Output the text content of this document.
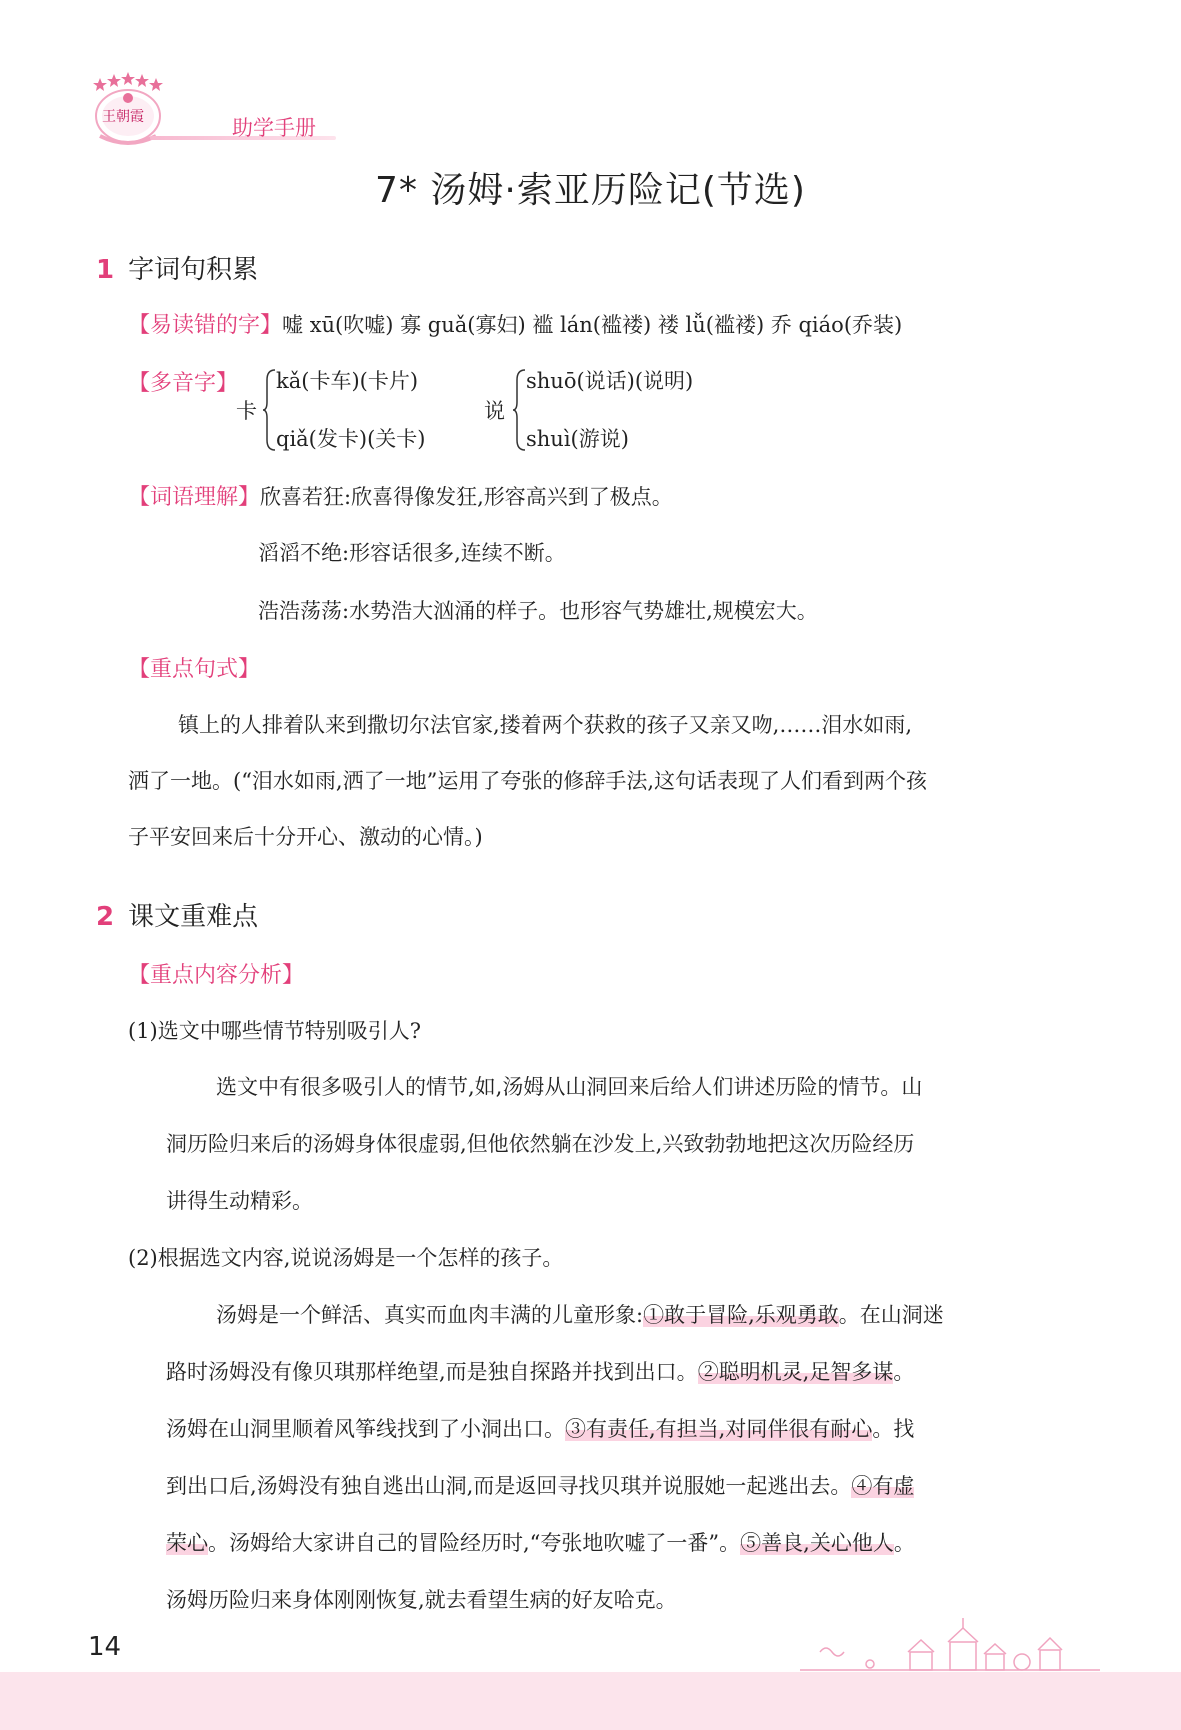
王朝霞	助学手册
7* 汤姆·索亚历险记(节选)
1 字词句积累
【易读错的字】嘘 xū(吹嘘) 寡 guǎ(寡妇) 褴 lán(褴褛) 褛 lǚ(褴褛) 乔 qiáo(乔装)
【多音字】
卡
kǎ(卡车)(卡片)
qiǎ(发卡)(关卡)
说
shuō(说话)(说明)
shuì(游说)
【词语理解】欣喜若狂:欣喜得像发狂,形容高兴到了极点。
滔滔不绝:形容话很多,连续不断。
浩浩荡荡:水势浩大汹涌的样子。也形容气势雄壮,规模宏大。
【重点句式】
镇上的人排着队来到撒切尔法官家,搂着两个获救的孩子又亲又吻,……泪水如雨,
洒了一地。(“泪水如雨,洒了一地”运用了夸张的修辞手法,这句话表现了人们看到两个孩
子平安回来后十分开心、激动的心情。)
2 课文重难点
【重点内容分析】
(1)选文中哪些情节特别吸引人?
选文中有很多吸引人的情节,如,汤姆从山洞回来后给人们讲述历险的情节。山
洞历险归来后的汤姆身体很虚弱,但他依然躺在沙发上,兴致勃勃地把这次历险经历
讲得生动精彩。
(2)根据选文内容,说说汤姆是一个怎样的孩子。
汤姆是一个鲜活、真实而血肉丰满的儿童形象:①敢于冒险,乐观勇敢。在山洞迷
路时汤姆没有像贝琪那样绝望,而是独自探路并找到出口。②聪明机灵,足智多谋。
汤姆在山洞里顺着风筝线找到了小洞出口。③有责任,有担当,对同伴很有耐心。找
到出口后,汤姆没有独自逃出山洞,而是返回寻找贝琪并说服她一起逃出去。④有虚
荣心。汤姆给大家讲自己的冒险经历时,“夸张地吹嘘了一番”。⑤善良,关心他人。
汤姆历险归来身体刚刚恢复,就去看望生病的好友哈克。
14
